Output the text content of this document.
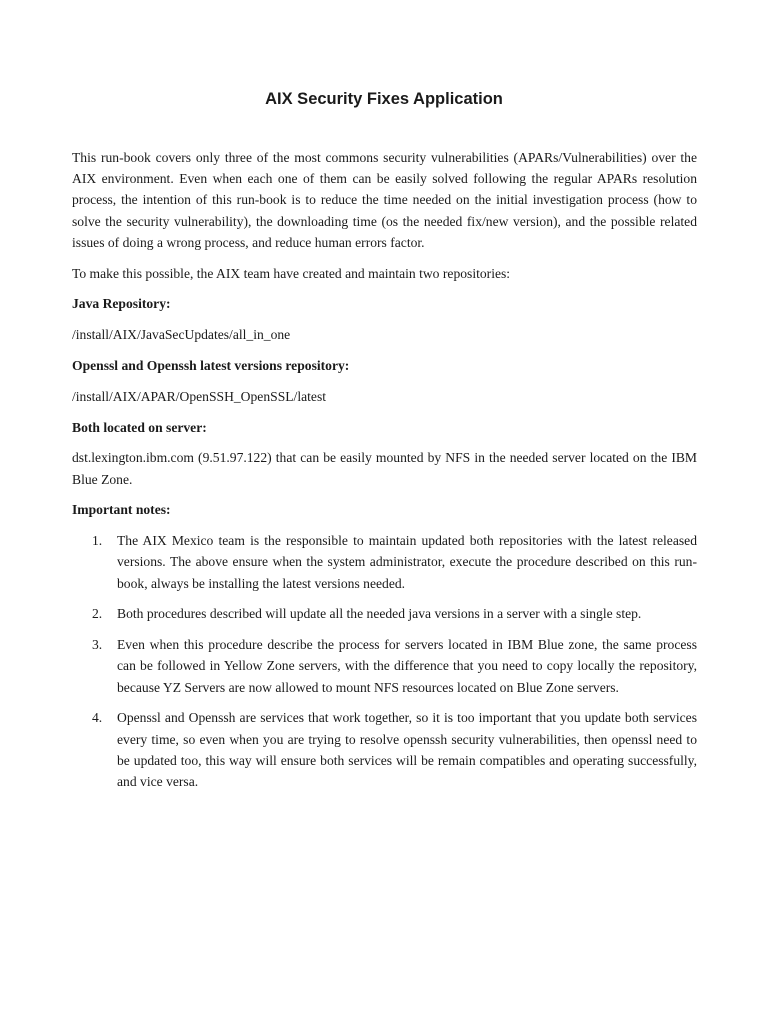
AIX Security Fixes Application

This run-book covers only three of the most commons security vulnerabilities (APARs/Vulnerabilities) over the AIX environment. Even when each one of them can be easily solved following the regular APARs resolution process, the intention of this run-book is to reduce the time needed on the initial investigation process (how to solve the security vulnerability), the downloading time (os the needed fix/new version), and the possible related issues of doing a wrong process, and reduce human errors factor.

To make this possible, the AIX team have created and maintain two repositories:

Java Repository:

/install/AIX/JavaSecUpdates/all_in_one

Openssl and Openssh latest versions repository:

/install/AIX/APAR/OpenSSH_OpenSSL/latest

Both located on server:

dst.lexington.ibm.com (9.51.97.122) that can be easily mounted by NFS in the needed server located on the IBM Blue Zone.

Important notes:

1. The AIX Mexico team is the responsible to maintain updated both repositories with the latest released versions. The above ensure when the system administrator, execute the procedure described on this run-book, always be installing the latest versions needed.
2. Both procedures described will update all the needed java versions in a server with a single step.
3. Even when this procedure describe the process for servers located in IBM Blue zone, the same process can be followed in Yellow Zone servers, with the difference that you need to copy locally the repository, because YZ Servers are now allowed to mount NFS resources located on Blue Zone servers.
4. Openssl and Openssh are services that work together, so it is too important that you update both services every time, so even when you are trying to resolve openssh security vulnerabilities, then openssl need to be updated too, this way will ensure both services will be remain compatibles and operating successfully, and vice versa.
